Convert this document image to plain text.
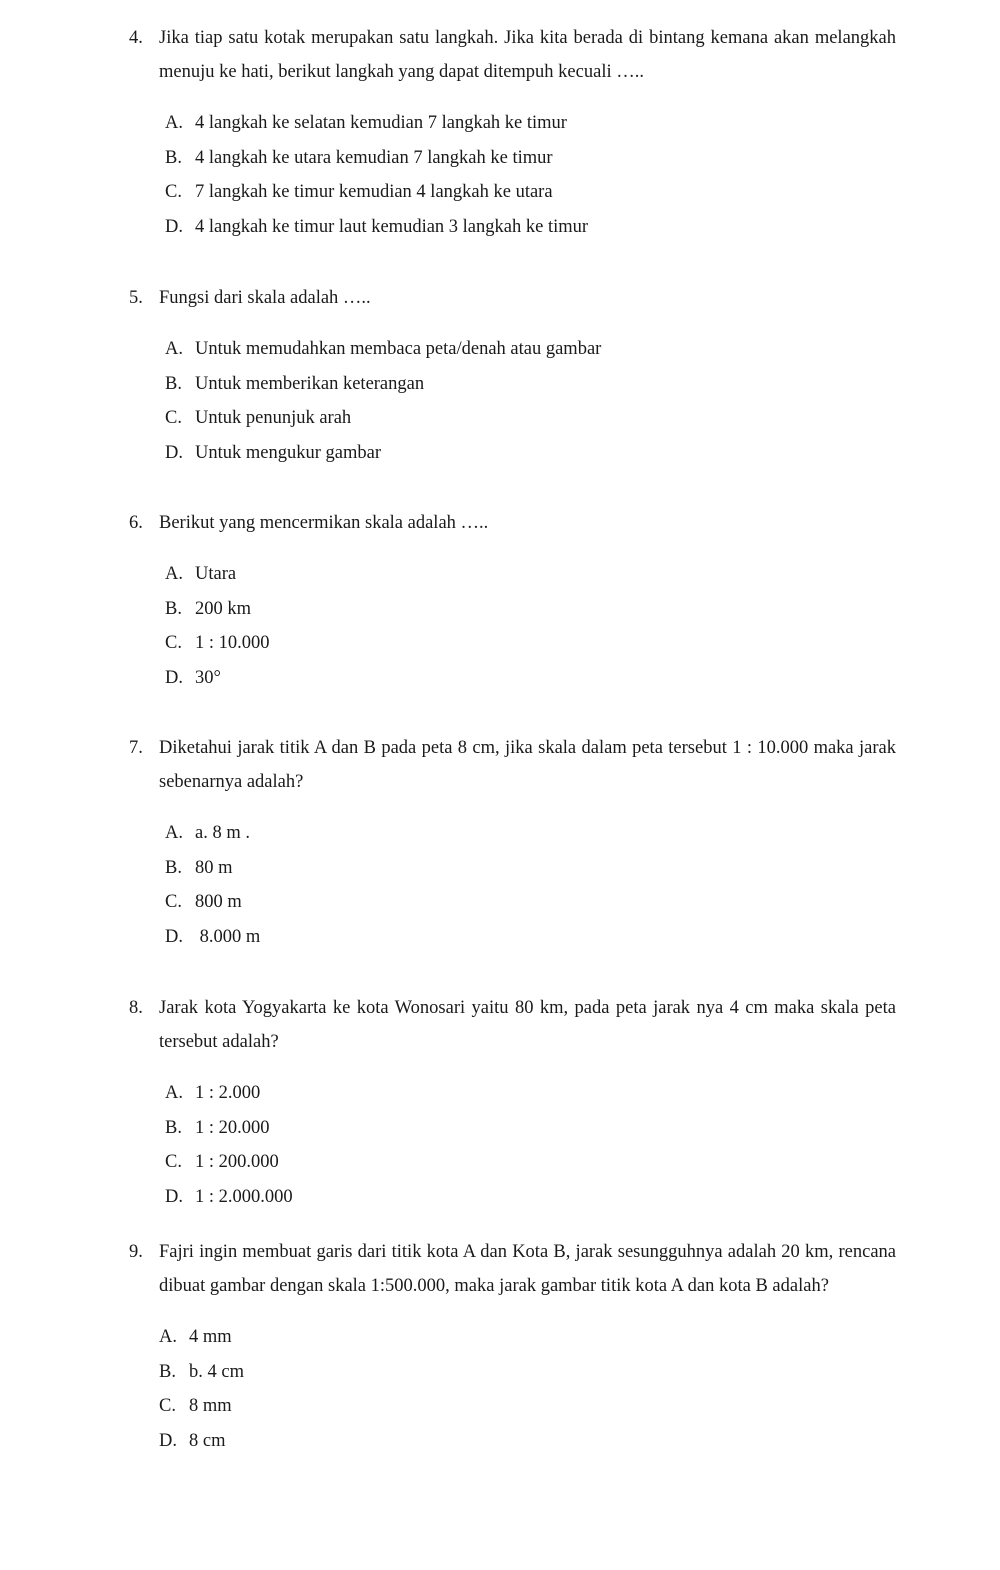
4. Jika tiap satu kotak merupakan satu langkah. Jika kita berada di bintang kemana akan melangkah menuju ke hati, berikut langkah yang dapat ditempuh kecuali …..
A. 4 langkah ke selatan kemudian 7 langkah ke timur
B. 4 langkah ke utara kemudian 7 langkah ke timur
C. 7 langkah ke timur kemudian 4 langkah ke utara
D. 4 langkah ke timur laut kemudian 3 langkah ke timur
5. Fungsi dari skala adalah …..
A. Untuk memudahkan membaca peta/denah atau gambar
B. Untuk memberikan keterangan
C. Untuk penunjuk arah
D. Untuk mengukur gambar
6. Berikut yang mencermikan skala adalah …..
A. Utara
B. 200 km
C. 1 : 10.000
D. 30°
7. Diketahui jarak titik A dan B pada peta 8 cm, jika skala dalam peta tersebut 1 : 10.000 maka jarak sebenarnya adalah?
A. a. 8 m .
B. 80 m
C. 800 m
D. 8.000 m
8. Jarak kota Yogyakarta ke kota Wonosari yaitu 80 km, pada peta jarak nya 4 cm maka skala peta tersebut adalah?
A. 1 : 2.000
B. 1 : 20.000
C. 1 : 200.000
D. 1 : 2.000.000
9. Fajri ingin membuat garis dari titik kota A dan Kota B, jarak sesungguhnya adalah 20 km, rencana dibuat gambar dengan skala 1:500.000, maka jarak gambar titik kota A dan kota B adalah?
A. 4 mm
B. b. 4 cm
C. 8 mm
D. 8 cm
